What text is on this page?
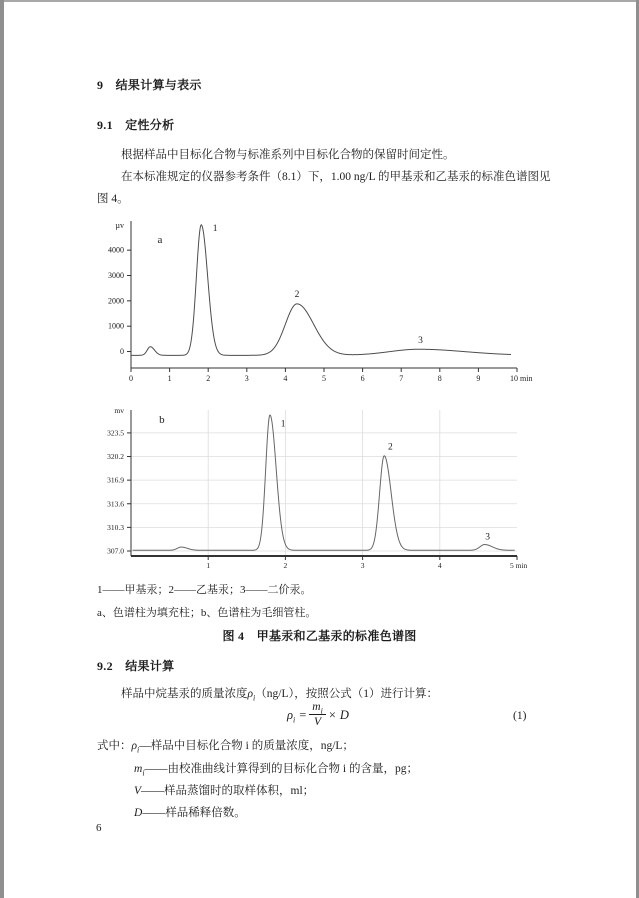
9　结果计算与表示
9.1　定性分析
根据样品中目标化合物与标准系列中目标化合物的保留时间定性。
在本标准规定的仪器参考条件（8.1）下，1.00 ng/L 的甲基汞和乙基汞的标准色谱图见
图 4。
0
1000
2000
3000
4000
µv
0	1	2	3	4	5	6	7	8	9	10 min
1
2
3
a
307.0
310.3
313.6
316.9
320.2
323.5
mv
1	2	3	4	5 min
1
2
3
b
1——甲基汞；2——乙基汞；3——二价汞。
a、色谱柱为填充柱；b、色谱柱为毛细管柱。
图 4　甲基汞和乙基汞的标准色谱图
9.2　结果计算
样品中烷基汞的质量浓度$\rho_i(ng/L)$，按照公式（1）进行计算：
$\rho_i = \frac{m_i}{V} \times D$	(1)
式中：$\rho_i—$样品中目标化合物 i 的质量浓度，ng/L；
$m_i——$由校准曲线计算得到的目标化合物 i 的含量，pg；
V——样品蒸馏时的取样体积，ml；
D——样品稀释倍数。
6
